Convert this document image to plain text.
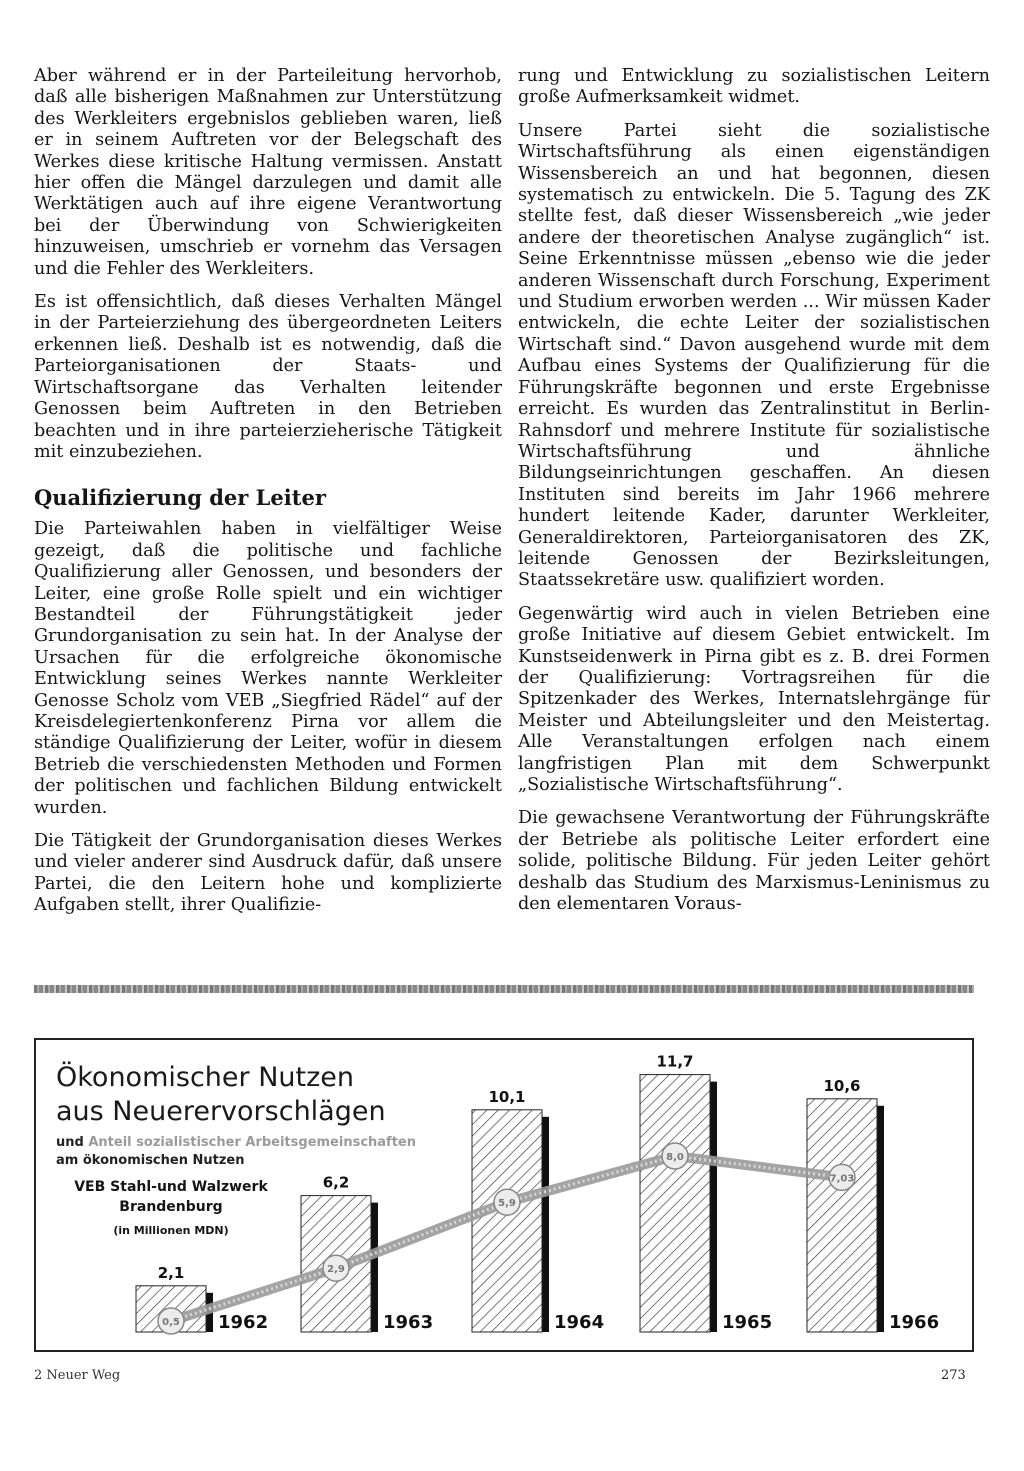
Aber während er in der Parteileitung hervorhob, daß alle bisherigen Maßnahmen zur Unterstützung des Werkleiters ergebnislos geblieben waren, ließ er in seinem Auftreten vor der Belegschaft des Werkes diese kritische Haltung vermissen. Anstatt hier offen die Mängel darzulegen und damit alle Werktätigen auch auf ihre eigene Verantwortung bei der Überwindung von Schwierigkeiten hinzuweisen, umschrieb er vornehm das Versagen und die Fehler des Werkleiters.

Es ist offensichtlich, daß dieses Verhalten Mängel in der Parteierziehung des übergeordneten Leiters erkennen ließ. Deshalb ist es notwendig, daß die Parteiorganisationen der Staats- und Wirtschaftsorgane das Verhalten leitender Genossen beim Auftreten in den Betrieben beachten und in ihre parteierzieherische Tätigkeit mit einzubeziehen.

Qualifizierung der Leiter

Die Parteiwahlen haben in vielfältiger Weise gezeigt, daß die politische und fachliche Qualifizierung aller Genossen, und besonders der Leiter, eine große Rolle spielt und ein wichtiger Bestandteil der Führungstätigkeit jeder Grundorganisation zu sein hat. In der Analyse der Ursachen für die erfolgreiche ökonomische Entwicklung seines Werkes nannte Werkleiter Genosse Scholz vom VEB „Siegfried Rädel“ auf der Kreisdelegiertenkonferenz Pirna vor allem die ständige Qualifizierung der Leiter, wofür in diesem Betrieb die verschiedensten Methoden und Formen der politischen und fachlichen Bildung entwickelt wurden.

Die Tätigkeit der Grundorganisation dieses Werkes und vieler anderer sind Ausdruck dafür, daß unsere Partei, die den Leitern hohe und komplizierte Aufgaben stellt, ihrer Qualifizie-

rung und Entwicklung zu sozialistischen Leitern große Aufmerksamkeit widmet.

Unsere Partei sieht die sozialistische Wirtschaftsführung als einen eigenständigen Wissensbereich an und hat begonnen, diesen systematisch zu entwickeln. Die 5. Tagung des ZK stellte fest, daß dieser Wissensbereich „wie jeder andere der theoretischen Analyse zugänglich“ ist. Seine Erkenntnisse müssen „ebenso wie die jeder anderen Wissenschaft durch Forschung, Experiment und Studium erworben werden ... Wir müssen Kader entwickeln, die echte Leiter der sozialistischen Wirtschaft sind.“ Davon ausgehend wurde mit dem Aufbau eines Systems der Qualifizierung für die Führungskräfte begonnen und erste Ergebnisse erreicht. Es wurden das Zentralinstitut in Berlin-Rahnsdorf und mehrere Institute für sozialistische Wirtschaftsführung und ähnliche Bildungseinrichtungen geschaffen. An diesen Instituten sind bereits im Jahr 1966 mehrere hundert leitende Kader, darunter Werkleiter, Generaldirektoren, Parteiorganisatoren des ZK, leitende Genossen der Bezirksleitungen, Staatssekretäre usw. qualifiziert worden.

Gegenwärtig wird auch in vielen Betrieben eine große Initiative auf diesem Gebiet entwickelt. Im Kunstseidenwerk in Pirna gibt es z. B. drei Formen der Qualifizierung: Vortragsreihen für die Spitzenkader des Werkes, Internatslehrgänge für Meister und Abteilungsleiter und den Meistertag. Alle Veranstaltungen erfolgen nach einem langfristigen Plan mit dem Schwerpunkt „Sozialistische Wirtschaftsführung“.

Die gewachsene Verantwortung der Führungskräfte der Betriebe als politische Leiter erfordert eine solide, politische Bildung. Für jeden Leiter gehört deshalb das Studium des Marxismus-Leninismus zu den elementaren Voraus-

2,1
1962
6,2
1963
10,1
1964
11,7
1965
10,6
1966
0,5
2,9
5,9
8,0
7,03
Ökonomischer Nutzen
aus Neuerervorschlägen
und Anteil sozialistischer Arbeitsgemeinschaften
am ökonomischen Nutzen
VEB Stahl-und Walzwerk
Brandenburg
(in Millionen MDN)
2 Neuer Weg	273
